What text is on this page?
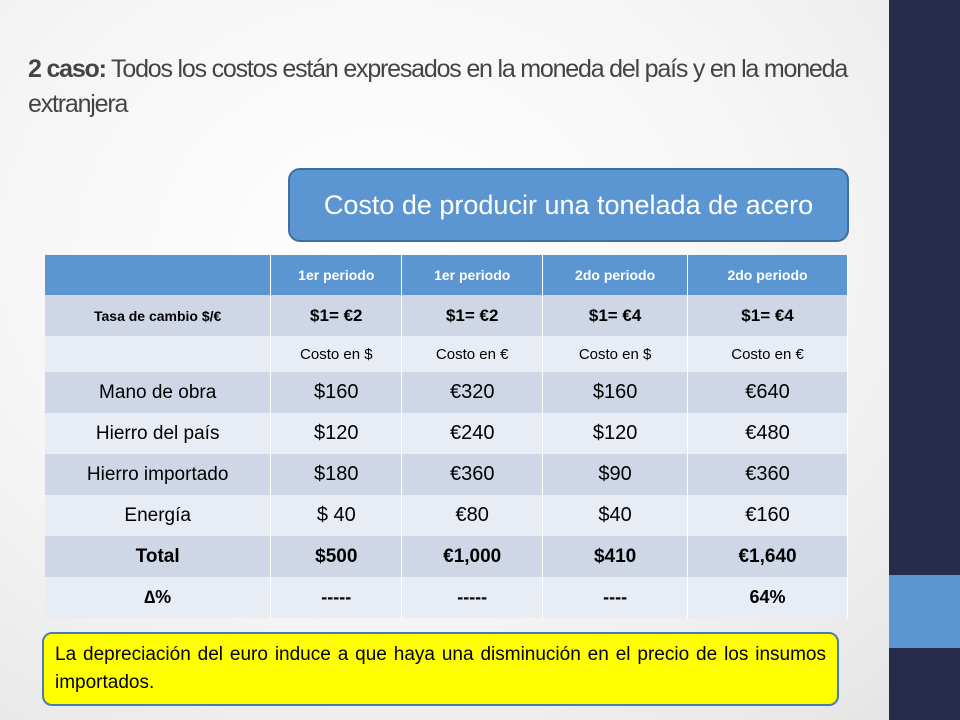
2 caso: Todos los costos están expresados en la moneda del país y en la moneda extranjera
Costo de producir una tonelada de acero
	1er periodo	1er periodo	2do periodo	2do periodo
Tasa de cambio $/€	$1= €2	$1= €2	$1= €4	$1= €4
	Costo en $	Costo en €	Costo en $	Costo en €
Mano de obra	$160	€320	$160	€640
Hierro del país	$120	€240	$120	€480
Hierro importado	$180	€360	$90	€360
Energía	$ 40	€80	$40	€160
Total	$500	€1,000	$410	€1,640
∆%	-----	-----	----	64%
La depreciación del euro induce a que haya una disminución en el precio de los insumos importados.
